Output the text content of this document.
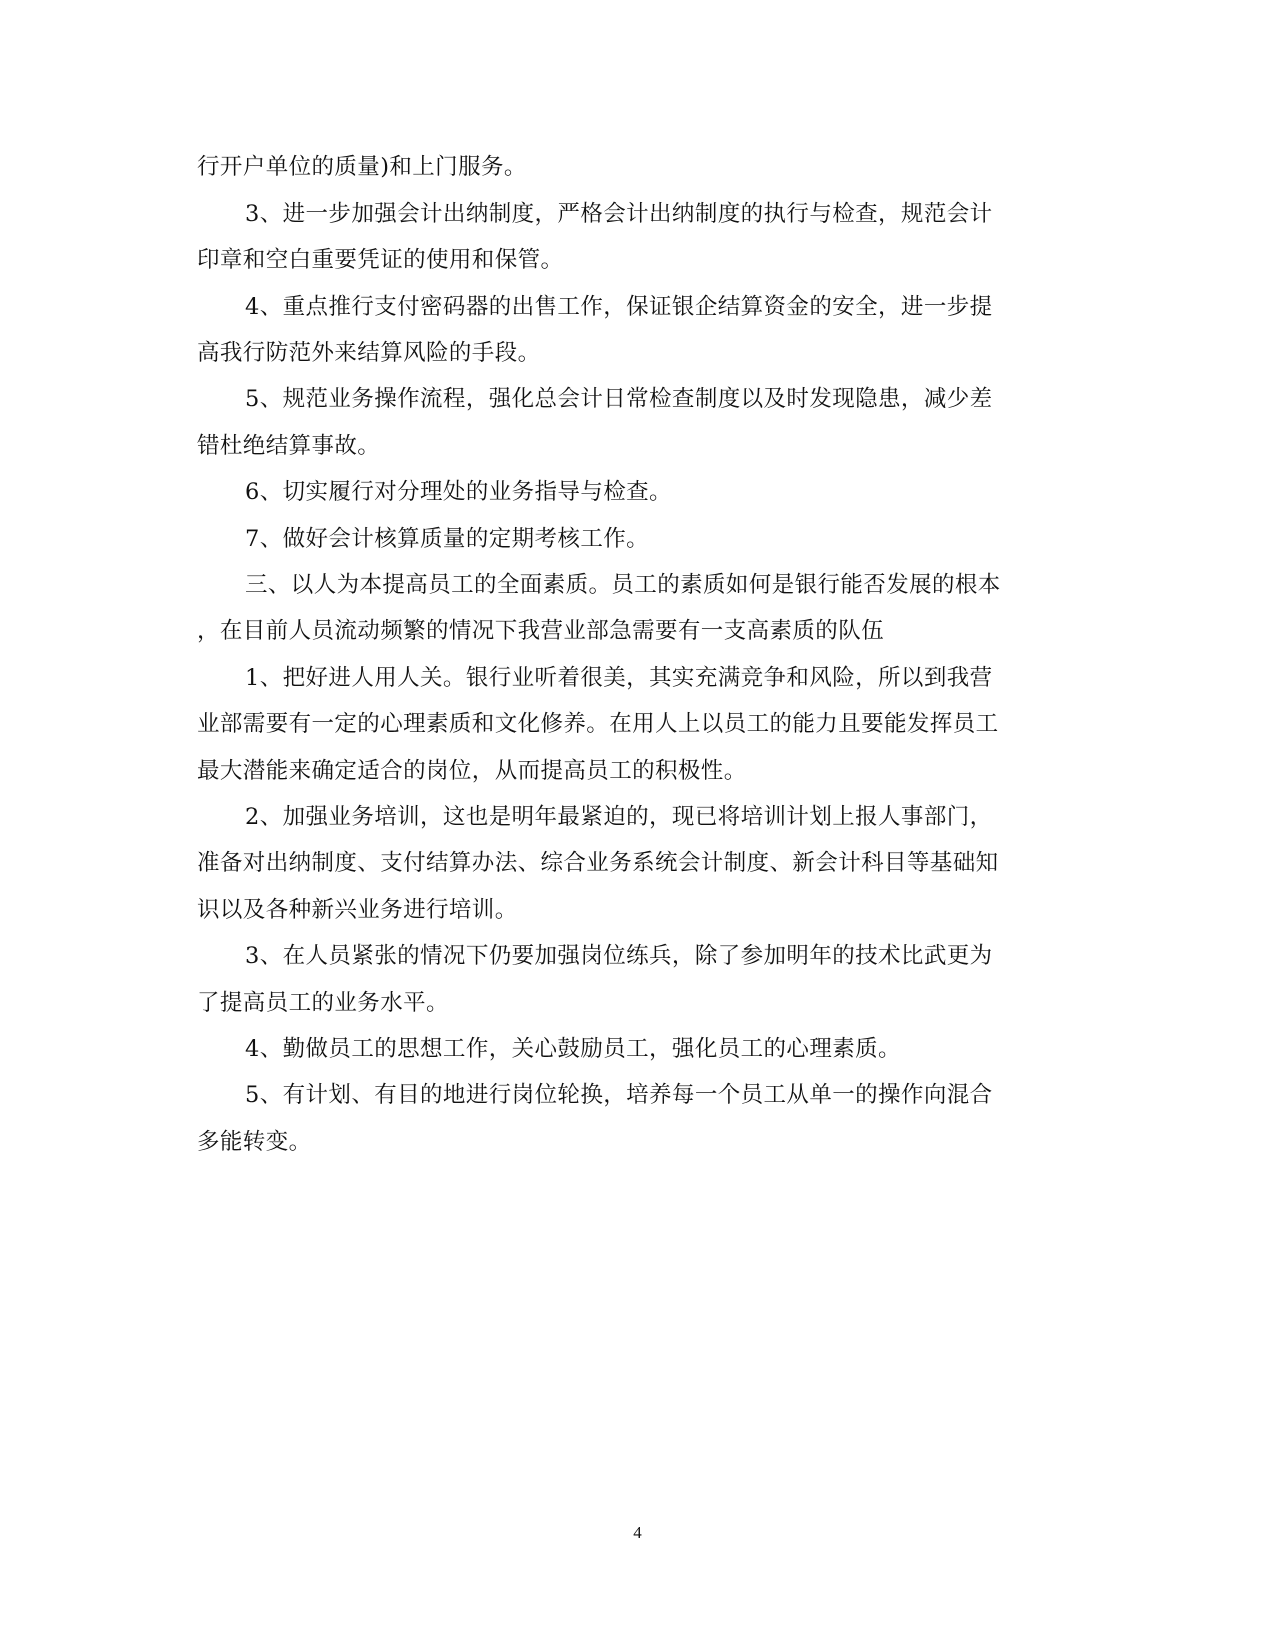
行开户单位的质量)和上门服务。
3、进一步加强会计出纳制度，严格会计出纳制度的执行与检查，规范会计
印章和空白重要凭证的使用和保管。
4、重点推行支付密码器的出售工作，保证银企结算资金的安全，进一步提
高我行防范外来结算风险的手段。
5、规范业务操作流程，强化总会计日常检查制度以及时发现隐患，减少差
错杜绝结算事故。
6、切实履行对分理处的业务指导与检查。
7、做好会计核算质量的定期考核工作。
三、以人为本提高员工的全面素质。员工的素质如何是银行能否发展的根本
，在目前人员流动频繁的情况下我营业部急需要有一支高素质的队伍
1、把好进人用人关。银行业听着很美，其实充满竞争和风险，所以到我营
业部需要有一定的心理素质和文化修养。在用人上以员工的能力且要能发挥员工
最大潜能来确定适合的岗位，从而提高员工的积极性。
2、加强业务培训，这也是明年最紧迫的，现已将培训计划上报人事部门，
准备对出纳制度、支付结算办法、综合业务系统会计制度、新会计科目等基础知
识以及各种新兴业务进行培训。
3、在人员紧张的情况下仍要加强岗位练兵，除了参加明年的技术比武更为
了提高员工的业务水平。
4、勤做员工的思想工作，关心鼓励员工，强化员工的心理素质。
5、有计划、有目的地进行岗位轮换，培养每一个员工从单一的操作向混合
多能转变。
4
